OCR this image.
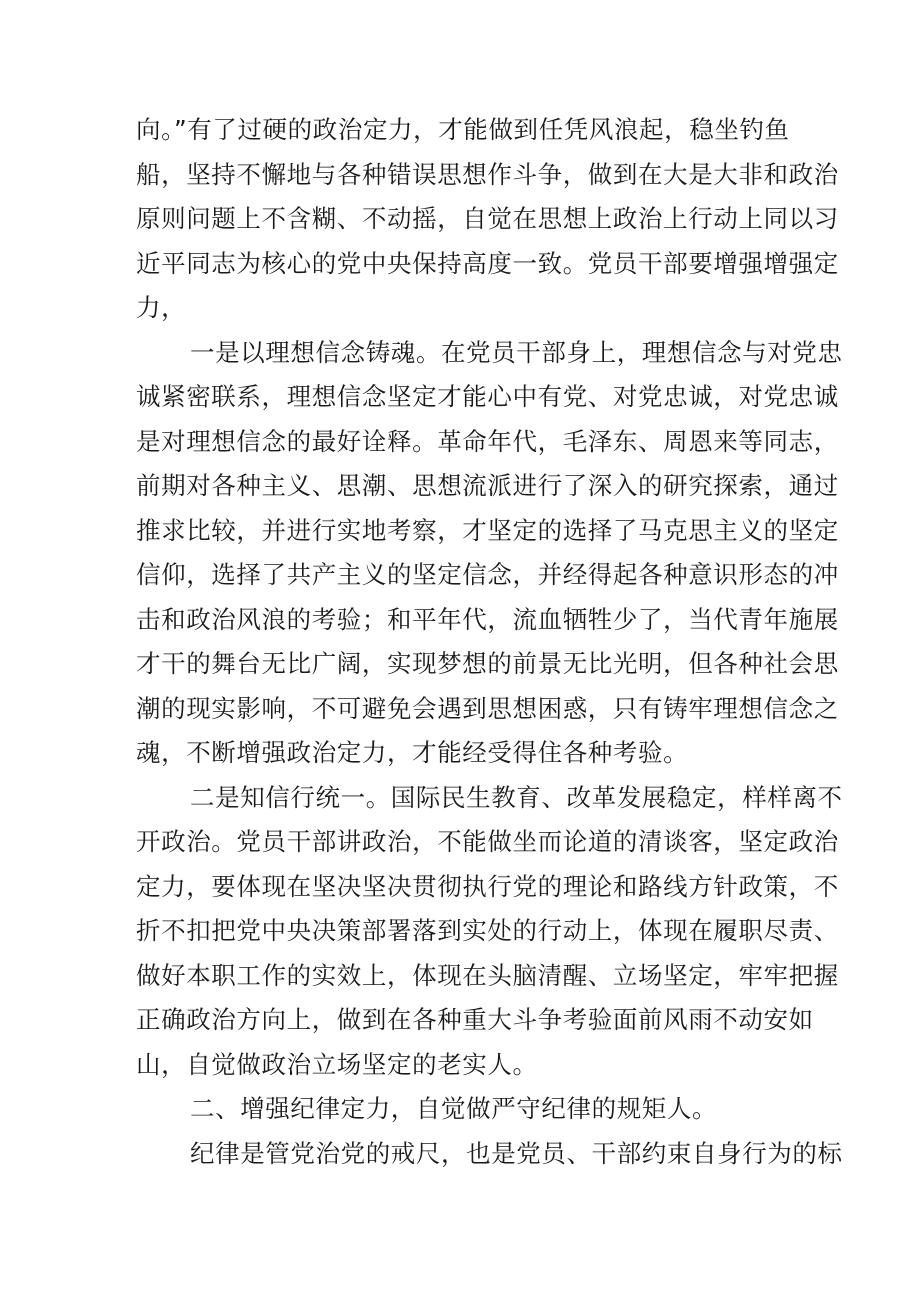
向。”有了过硬的政治定力，才能做到任凭风浪起，稳坐钓鱼
船，坚持不懈地与各种错误思想作斗争，做到在大是大非和政治
原则问题上不含糊、不动摇，自觉在思想上政治上行动上同以习
近平同志为核心的党中央保持高度一致。党员干部要增强增强定
力，
一是以理想信念铸魂。在党员干部身上，理想信念与对党忠
诚紧密联系，理想信念坚定才能心中有党、对党忠诚，对党忠诚
是对理想信念的最好诠释。革命年代，毛泽东、周恩来等同志，
前期对各种主义、思潮、思想流派进行了深入的研究探索，通过
推求比较，并进行实地考察，才坚定的选择了马克思主义的坚定
信仰，选择了共产主义的坚定信念，并经得起各种意识形态的冲
击和政治风浪的考验；和平年代，流血牺牲少了，当代青年施展
才干的舞台无比广阔，实现梦想的前景无比光明，但各种社会思
潮的现实影响，不可避免会遇到思想困惑，只有铸牢理想信念之
魂，不断增强政治定力，才能经受得住各种考验。
二是知信行统一。国际民生教育、改革发展稳定，样样离不
开政治。党员干部讲政治，不能做坐而论道的清谈客，坚定政治
定力，要体现在坚决坚决贯彻执行党的理论和路线方针政策，不
折不扣把党中央决策部署落到实处的行动上，体现在履职尽责、
做好本职工作的实效上，体现在头脑清醒、立场坚定，牢牢把握
正确政治方向上，做到在各种重大斗争考验面前风雨不动安如
山，自觉做政治立场坚定的老实人。
二、增强纪律定力，自觉做严守纪律的规矩人。
纪律是管党治党的戒尺，也是党员、干部约束自身行为的标
